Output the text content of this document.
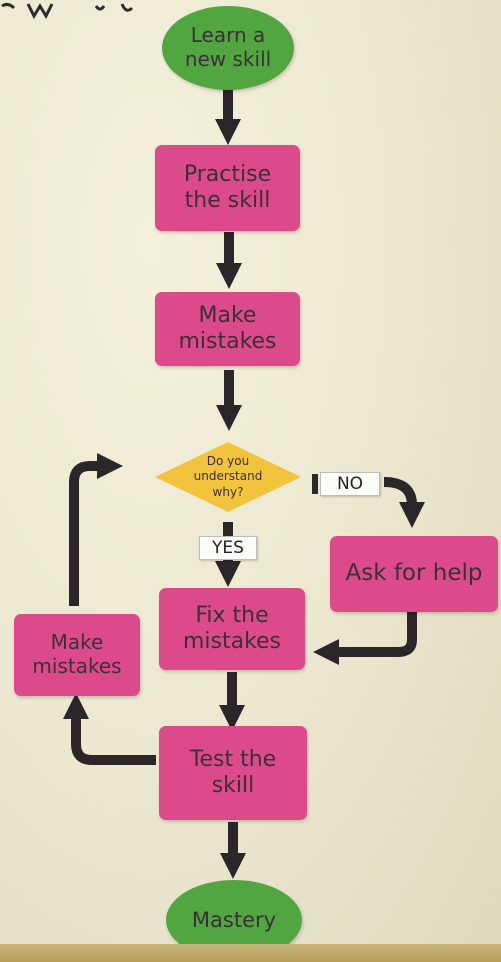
Learn a
new skill
Practise
the skill
Make
mistakes
Do you
understand
why?	NO
YES
Ask for help
Fix the
mistakes
Make
mistakes
Test the
skill
Mastery
